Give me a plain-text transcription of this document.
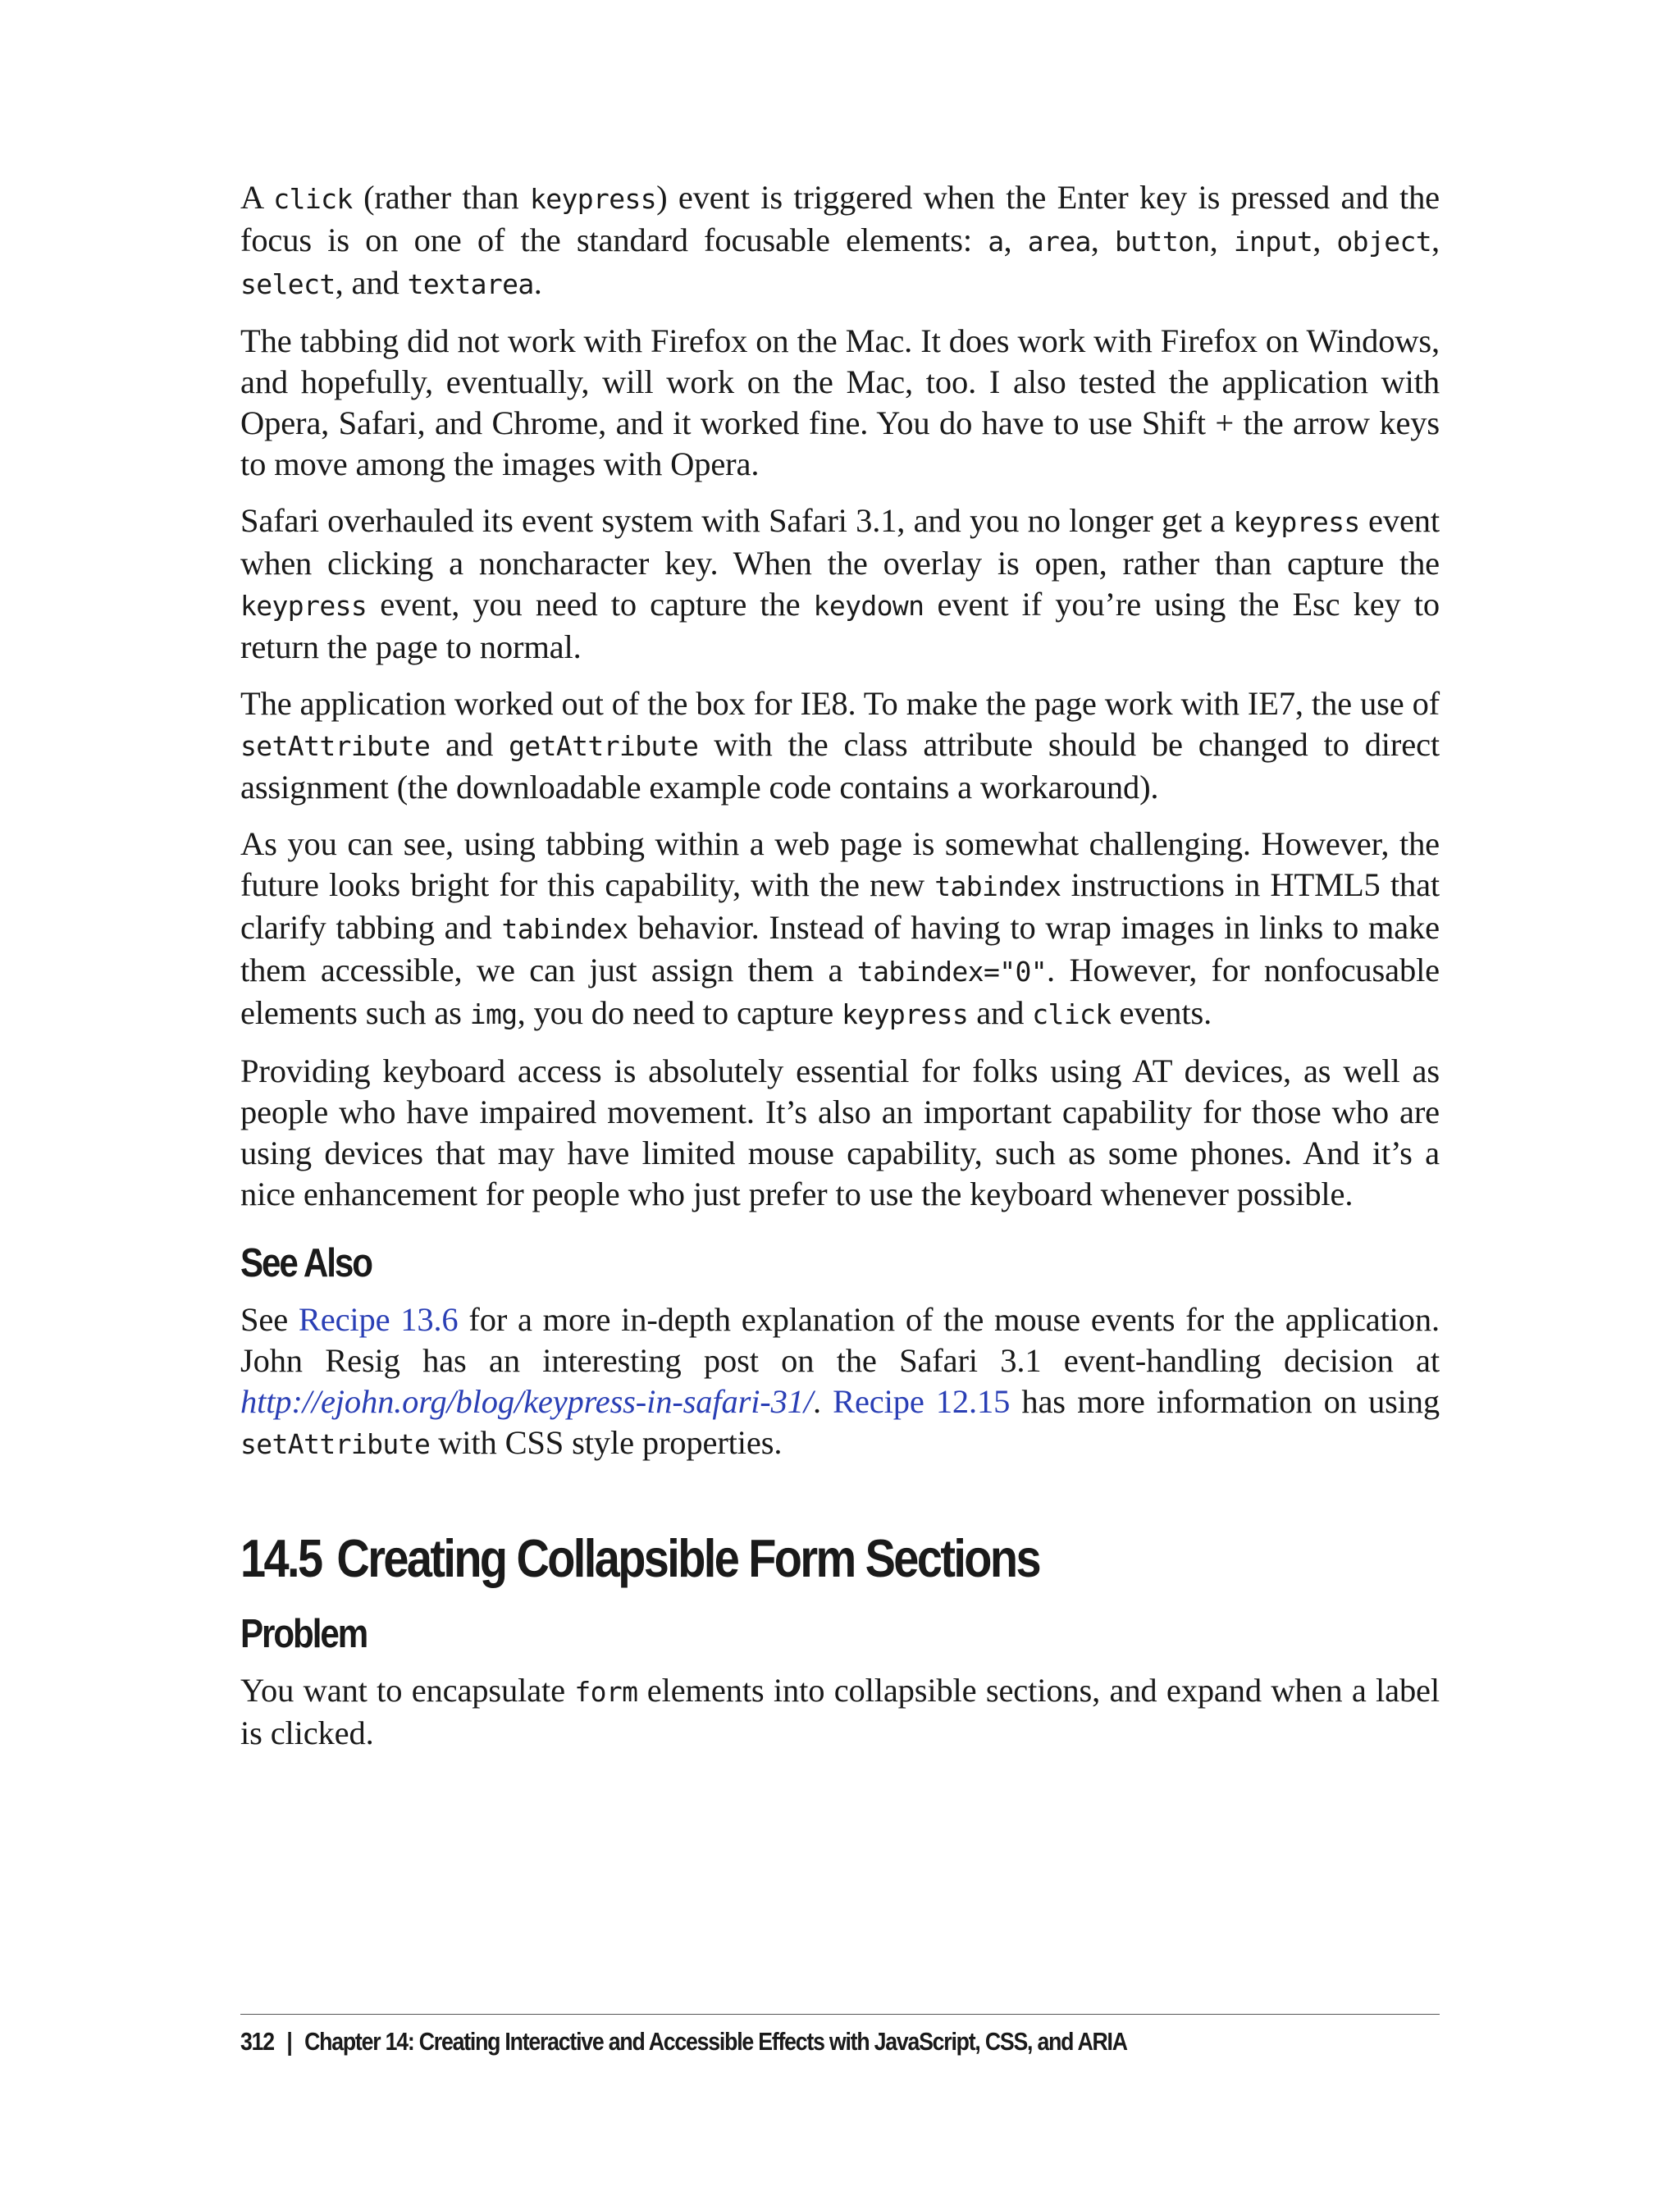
A click (rather than keypress) event is triggered when the Enter key is pressed and the focus is on one of the standard focusable elements: a, area, button, input, object, select, and textarea.

The tabbing did not work with Firefox on the Mac. It does work with Firefox on Windows, and hopefully, eventually, will work on the Mac, too. I also tested the application with Opera, Safari, and Chrome, and it worked fine. You do have to use Shift + the arrow keys to move among the images with Opera.

Safari overhauled its event system with Safari 3.1, and you no longer get a keypress event when clicking a noncharacter key. When the overlay is open, rather than capture the keypress event, you need to capture the keydown event if you’re using the Esc key to return the page to normal.

The application worked out of the box for IE8. To make the page work with IE7, the use of setAttribute and getAttribute with the class attribute should be changed to direct assignment (the downloadable example code contains a workaround).

As you can see, using tabbing within a web page is somewhat challenging. However, the future looks bright for this capability, with the new tabindex instructions in HTML5 that clarify tabbing and tabindex behavior. Instead of having to wrap images in links to make them accessible, we can just assign them a tabindex="0". However, for nonfocusable elements such as img, you do need to capture keypress and click events.

Providing keyboard access is absolutely essential for folks using AT devices, as well as people who have impaired movement. It’s also an important capability for those who are using devices that may have limited mouse capability, such as some phones. And it’s a nice enhancement for people who just prefer to use the keyboard whenever possible.

See Also

See Recipe 13.6 for a more in-depth explanation of the mouse events for the application. John Resig has an interesting post on the Safari 3.1 event-handling decision at http://ejohn.org/blog/keypress-in-safari-31/. Recipe 12.15 has more information on using setAttribute with CSS style properties.

14.5 Creating Collapsible Form Sections
Problem

You want to encapsulate form elements into collapsible sections, and expand when a label is clicked.

312 | Chapter 14: Creating Interactive and Accessible Effects with JavaScript, CSS, and ARIA
